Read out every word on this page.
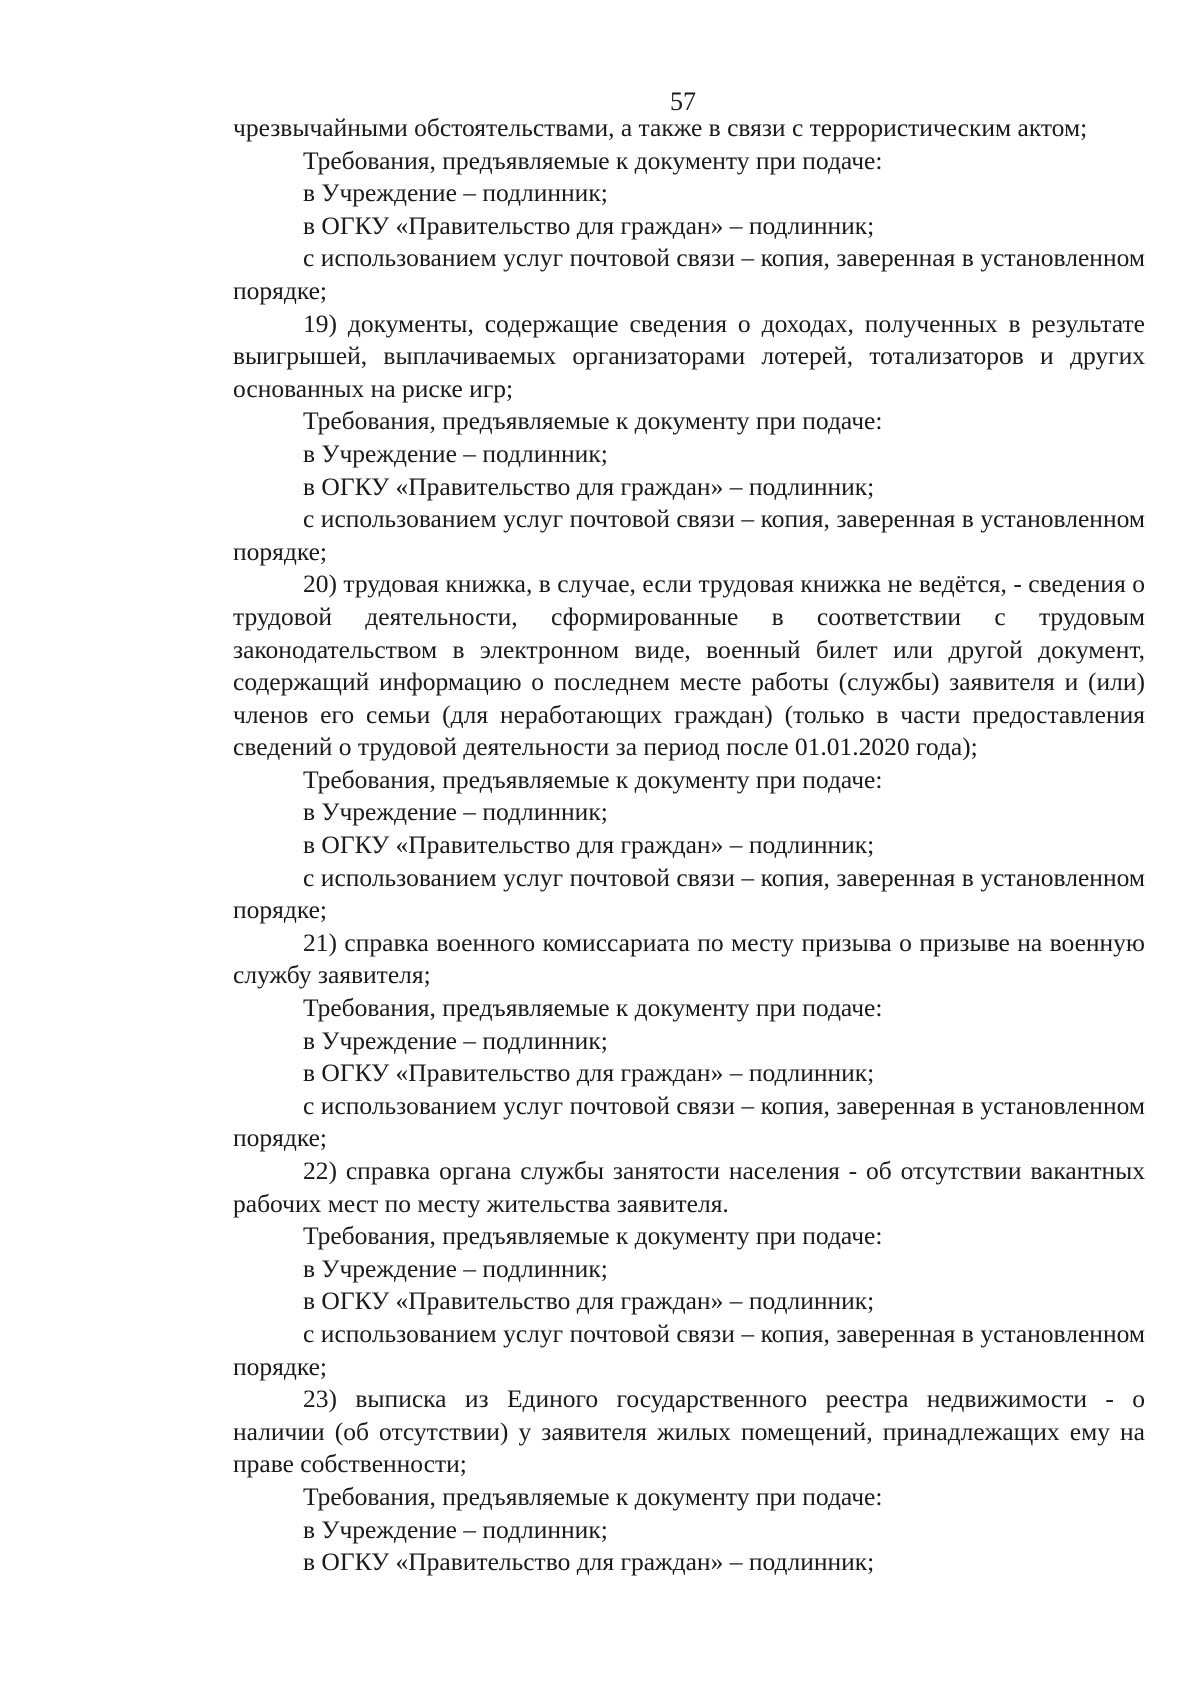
57

чрезвычайными обстоятельствами, а также в связи с террористическим актом;

Требования, предъявляемые к документу при подаче:

в Учреждение – подлинник;

в ОГКУ «Правительство для граждан» – подлинник;

с использованием услуг почтовой связи – копия, заверенная в установленном порядке;

19) документы, содержащие сведения о доходах, полученных в результате выигрышей, выплачиваемых организаторами лотерей, тотализаторов и других основанных на риске игр;

Требования, предъявляемые к документу при подаче:

в Учреждение – подлинник;

в ОГКУ «Правительство для граждан» – подлинник;

с использованием услуг почтовой связи – копия, заверенная в установленном порядке;

20) трудовая книжка, в случае, если трудовая книжка не ведётся, - сведения о трудовой деятельности, сформированные в соответствии с трудовым законодательством в электронном виде, военный билет или другой документ, содержащий информацию о последнем месте работы (службы) заявителя и (или) членов его семьи (для неработающих граждан) (только в части предоставления сведений о трудовой деятельности за период после 01.01.2020 года);

Требования, предъявляемые к документу при подаче:

в Учреждение – подлинник;

в ОГКУ «Правительство для граждан» – подлинник;

с использованием услуг почтовой связи – копия, заверенная в установленном порядке;

21) справка военного комиссариата по месту призыва о призыве на военную службу заявителя;

Требования, предъявляемые к документу при подаче:

в Учреждение – подлинник;

в ОГКУ «Правительство для граждан» – подлинник;

с использованием услуг почтовой связи – копия, заверенная в установленном порядке;

22) справка органа службы занятости населения - об отсутствии вакантных рабочих мест по месту жительства заявителя.

Требования, предъявляемые к документу при подаче:

в Учреждение – подлинник;

в ОГКУ «Правительство для граждан» – подлинник;

с использованием услуг почтовой связи – копия, заверенная в установленном порядке;

23) выписка из Единого государственного реестра недвижимости - о наличии (об отсутствии) у заявителя жилых помещений, принадлежащих ему на праве собственности;

Требования, предъявляемые к документу при подаче:

в Учреждение – подлинник;

в ОГКУ «Правительство для граждан» – подлинник;
